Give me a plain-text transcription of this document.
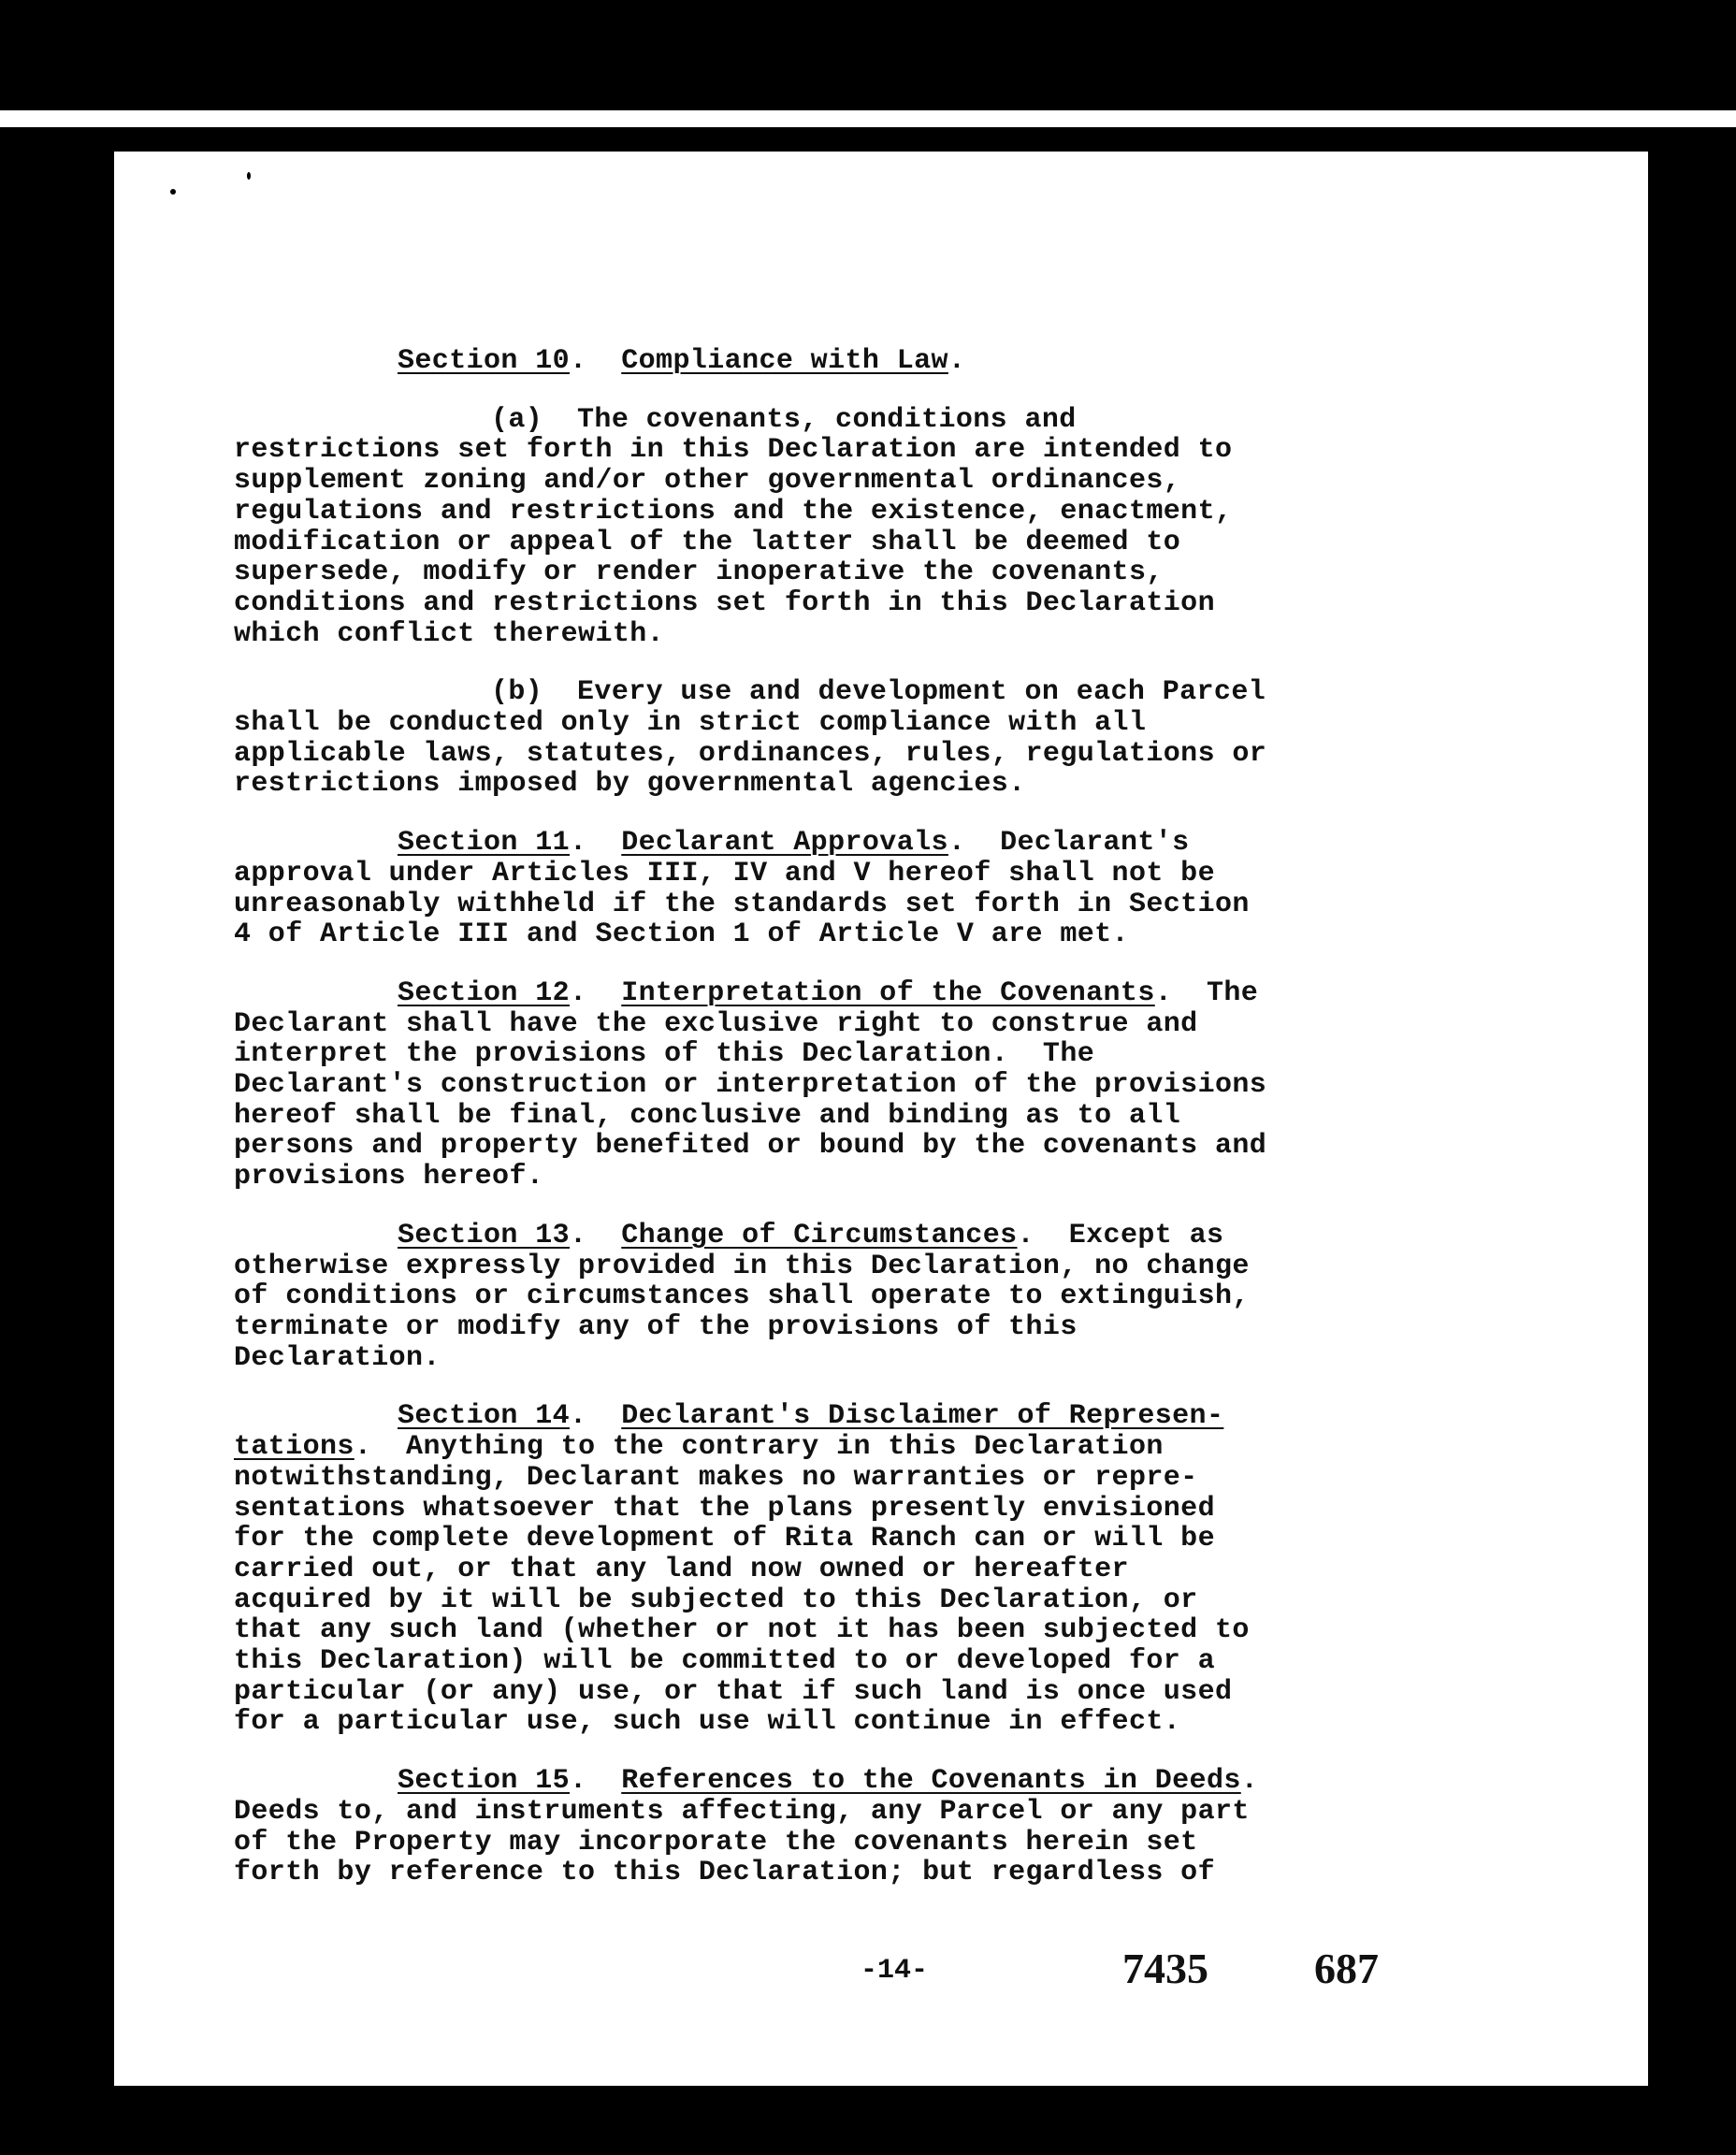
Section 10.  Compliance with Law.
(a)  The covenants, conditions and
restrictions set forth in this Declaration are intended to
supplement zoning and/or other governmental ordinances,
regulations and restrictions and the existence, enactment,
modification or appeal of the latter shall be deemed to
supersede, modify or render inoperative the covenants,
conditions and restrictions set forth in this Declaration
which conflict therewith.
(b)  Every use and development on each Parcel
shall be conducted only in strict compliance with all
applicable laws, statutes, ordinances, rules, regulations or
restrictions imposed by governmental agencies.
Section 11.  Declarant Approvals.  Declarant's
approval under Articles III, IV and V hereof shall not be
unreasonably withheld if the standards set forth in Section
4 of Article III and Section 1 of Article V are met.
Section 12.  Interpretation of the Covenants.  The
Declarant shall have the exclusive right to construe and
interpret the provisions of this Declaration.  The
Declarant's construction or interpretation of the provisions
hereof shall be final, conclusive and binding as to all
persons and property benefited or bound by the covenants and
provisions hereof.
Section 13.  Change of Circumstances.  Except as
otherwise expressly provided in this Declaration, no change
of conditions or circumstances shall operate to extinguish,
terminate or modify any of the provisions of this
Declaration.
Section 14.  Declarant's Disclaimer of Represen-
tations.  Anything to the contrary in this Declaration
notwithstanding, Declarant makes no warranties or repre-
sentations whatsoever that the plans presently envisioned
for the complete development of Rita Ranch can or will be
carried out, or that any land now owned or hereafter
acquired by it will be subjected to this Declaration, or
that any such land (whether or not it has been subjected to
this Declaration) will be committed to or developed for a
particular (or any) use, or that if such land is once used
for a particular use, such use will continue in effect.
Section 15.  References to the Covenants in Deeds.
Deeds to, and instruments affecting, any Parcel or any part
of the Property may incorporate the covenants herein set
forth by reference to this Declaration; but regardless of
-14-	7435 687
